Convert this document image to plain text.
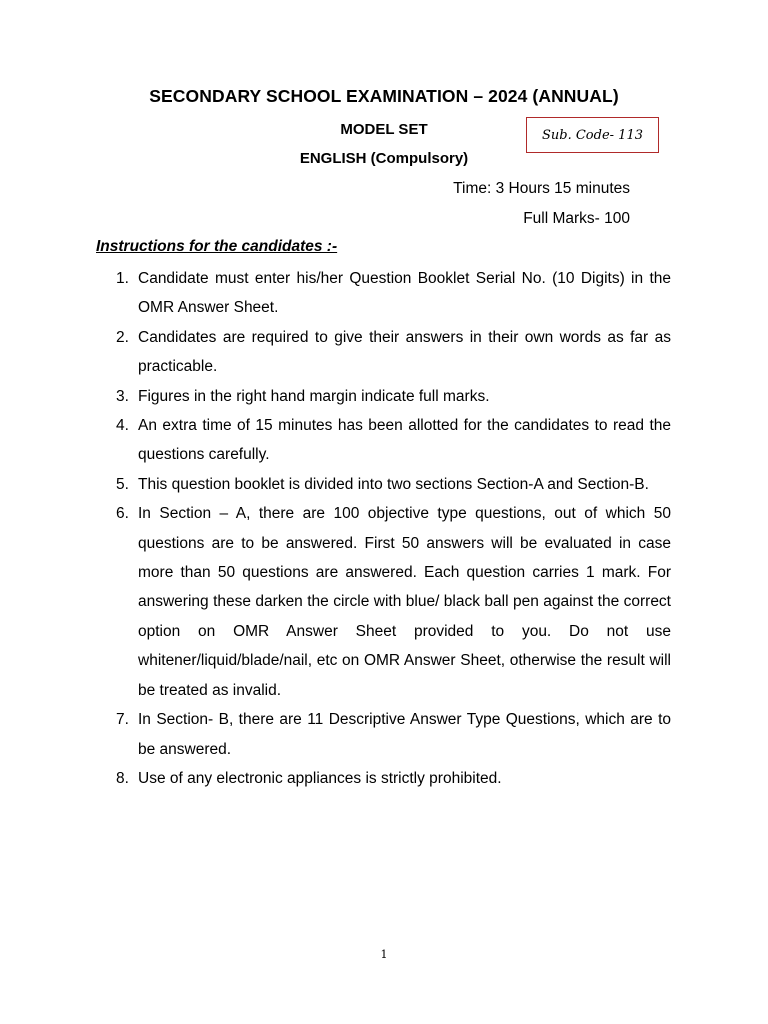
SECONDARY SCHOOL EXAMINATION – 2024 (ANNUAL)
MODEL SET
ENGLISH (Compulsory)
Sub. Code- 113
Time: 3 Hours 15 minutes
Full Marks- 100
Instructions for the candidates :-
1. Candidate must enter his/her Question Booklet Serial No. (10 Digits) in the OMR Answer Sheet.
2. Candidates are required to give their answers in their own words as far as practicable.
3. Figures in the right hand margin indicate full marks.
4. An extra time of 15 minutes has been allotted for the candidates to read the questions carefully.
5. This question booklet is divided into two sections Section-A and Section-B.
6. In Section – A, there are 100 objective type questions, out of which 50 questions are to be answered. First 50 answers will be evaluated in case more than 50 questions are answered. Each question carries 1 mark. For answering these darken the circle with blue/ black ball pen against the correct option on OMR Answer Sheet provided to you. Do not use whitener/liquid/blade/nail, etc on OMR Answer Sheet, otherwise the result will be treated as invalid.
7. In Section- B, there are 11 Descriptive Answer Type Questions, which are to be answered.
8. Use of any electronic appliances is strictly prohibited.
1
